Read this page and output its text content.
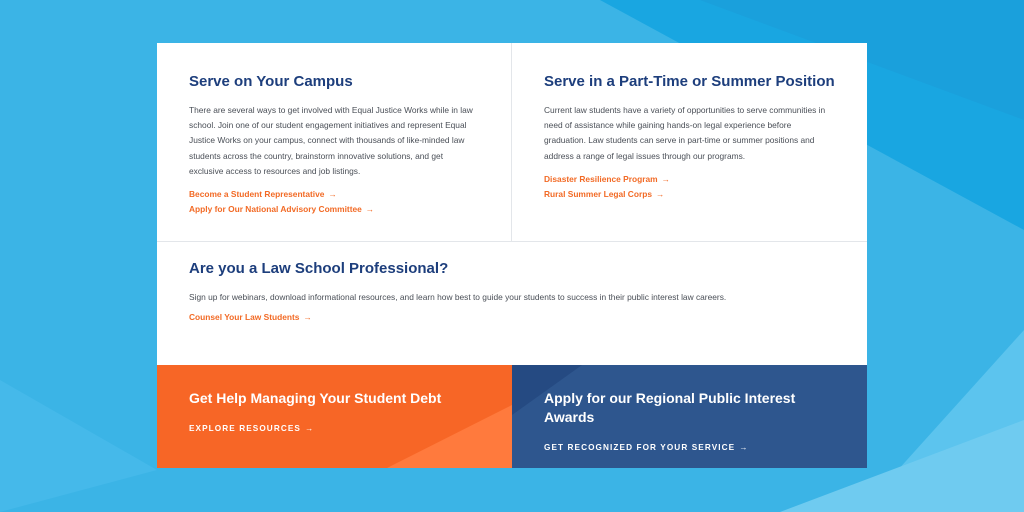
Serve on Your Campus

There are several ways to get involved with Equal Justice Works while in law school. Join one of our student engagement initiatives and represent Equal Justice Works on your campus, connect with thousands of like-minded law students across the country, brainstorm innovative solutions, and get exclusive access to resources and job listings.

Become a Student Representative →
Apply for Our National Advisory Committee →
Serve in a Part-Time or Summer Position

Current law students have a variety of opportunities to serve communities in need of assistance while gaining hands-on legal experience before graduation. Law students can serve in part-time or summer positions and address a range of legal issues through our programs.

Disaster Resilience Program →
Rural Summer Legal Corps →
Are you a Law School Professional?

Sign up for webinars, download informational resources, and learn how best to guide your students to success in their public interest law careers.

Counsel Your Law Students →
Get Help Managing Your Student Debt
EXPLORE RESOURCES →
Apply for our Regional Public Interest Awards
GET RECOGNIZED FOR YOUR SERVICE →
